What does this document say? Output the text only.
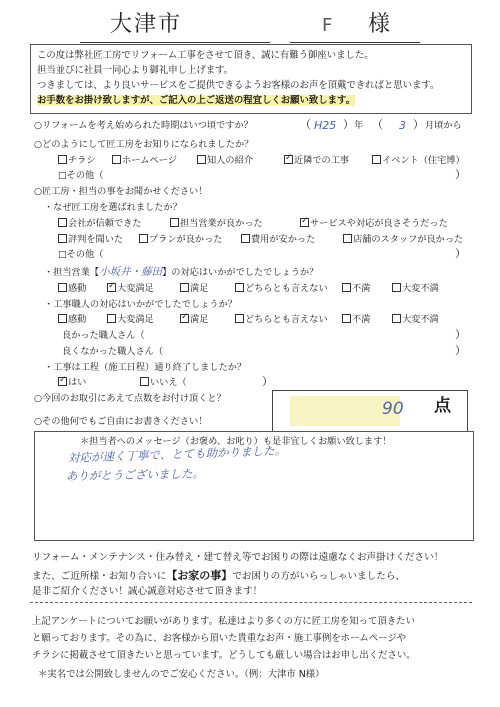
大津市	F 様

この度は弊社匠工房でリフォーム工事をさせて頂き、誠に有難う御座いました。

担当並びに社員一同心より御礼申し上げます。

つきましては、より良いサービスをご提供できるようお客様のお声を頂戴できればと思います。

お手数をお掛け致しますが、ご記入の上ご返送の程宜しくお願い致します。

○リフォームを考え始められた時期はいつ頃ですか？	（ H25 ） 年 （ 3 ） 月頃から
○どのようにして匠工房をお知りになられましたか？
チラシ	ホームページ	知人の紹介 ✓	近隣での工事	イベント（住宅博）
□その他（	）
○匠工房・担当の事をお聞かせください！
・なぜ匠工房を選ばれましたか？
会社が信頼できた	担当営業が良かった ✓	サービスや対応が良さそうだった
評判を聞いた	プランが良かった	費用が安かった	店舗のスタッフが良かった
□その他（	）
・担当営業【小坂井・藤田】の対応はいかがでしたでしょうか？
感動 ✓	大変満足	満足	どちらとも言えない	不満	大変不満
・工事職人の対応はいかがでしたでしょうか？
感動	大変満足 ✓	満足	どちらとも言えない	不満	大変不満
良かった職人さん（	）
良くなかった職人さん（	）
・工事は工程（施工日程）通り終了しましたか？
✓はい	いいえ（	）
○今回のお取引にあえて点数をお付け頂くと？
90 点
○その他何でもご自由にお書きください！
＊担当者へのメッセージ（お褒め、お叱り）も是非宜しくお願い致します！
対応が速く丁寧で、とても助かりました。
ありがとうございました。
リフォーム・メンテナンス・住み替え・建て替え等でお困りの際は遠慮なくお声掛けください！
また、ご近所様・お知り合いに【お家の事】でお困りの方がいらっしゃいましたら、
是非ご紹介ください！誠心誠意対応させて頂きます！
上記アンケートについてお願いがあります。私達はより多くの方に匠工房を知って頂きたい
と願っております。その為に、お客様から頂いた貴重なお声・施工事例をホームページや
チラシに掲載させて頂きたいと思っています。どうしても厳しい場合はお申し出ください。
＊実名では公開致しませんのでご安心ください。（例：大津市 N様）
